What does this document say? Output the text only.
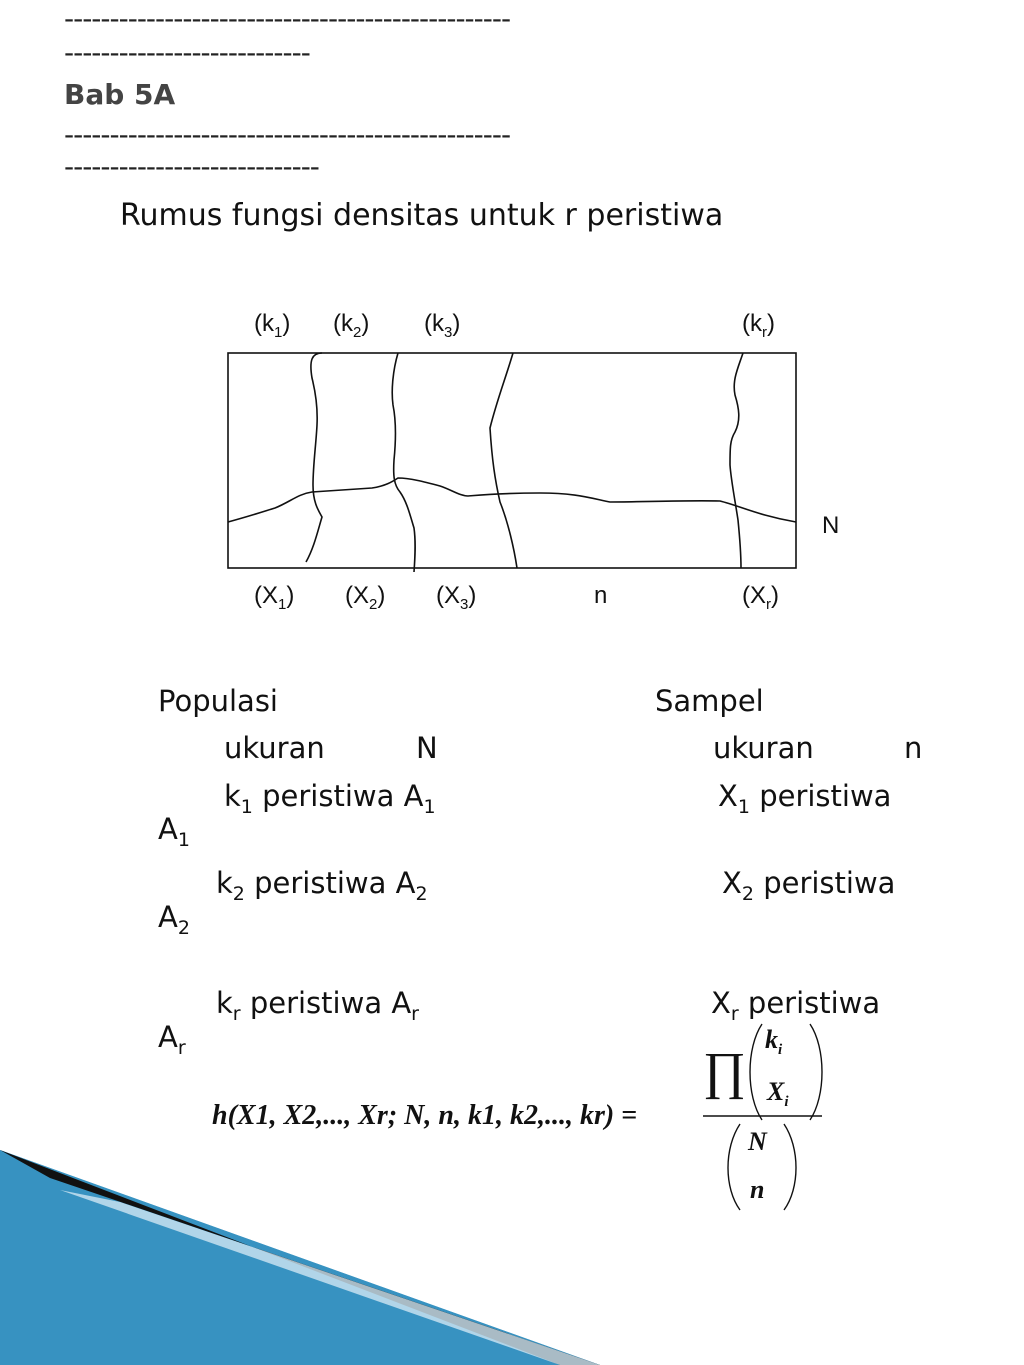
-------------------------------------------------
---------------------------
Bab 5A
-------------------------------------------------
----------------------------
Rumus fungsi densitas untuk r peristiwa
$(k_1)$ $(k_2)$ $(k_3)$	$(k_r)$
N
$(X_1)$ $(X_2)$ $(X_3)$	n	$(X_r)$
Populasi	Sampel
ukuran	N	ukuran	n
$k_1$ peristiwa $A_1$	$X_1$ peristiwa
$A_1$
$k_2$ peristiwa $A_2$	$X_2$ peristiwa
$A_2$
$k_r$ peristiwa $A_r$	$X_r$ peristiwa
$A_r$
h(X1, X2,..., Xr; N, n, k1, k2,..., kr) =
∏
$k_i$
$X_i$
N
n
